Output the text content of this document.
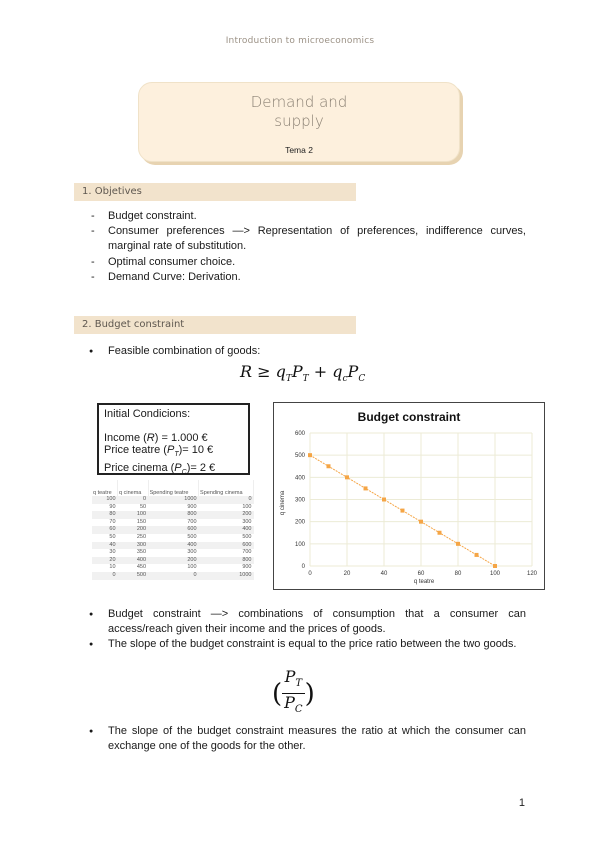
Introduction to microeconomics
Demand and
supply
Tema 2
1. Objetives
- Budget constraint.
- Consumer preferences —> Representation of preferences, indifference curves, marginal rate of substitution.
- Optimal consumer choice.
- Demand Curve: Derivation.
2. Budget constraint
● Feasible combination of goods:
$R \ge q_TP_T + q_cP_C$
Initial Condicions:
Income (R) = 1.000 €
Price teatre $(P_T)= 10$ €
Price cinema $(P_C)= 2$ €
q teatre	q cinema	Spending teatre	Spending cinema
100	0	1000	0
90	50	900	100
80	100	800	200
70	150	700	300
60	200	600	400
50	250	500	500
40	300	400	600
30	350	300	700
20	400	200	800
10	450	100	900
0	500	0	1000
Budget constraint
0
100
200
300
400
500
600
0	20	40	60	80	100	120
q teatre
q cinema
● Budget constraint —> combinations of consumption that a consumer can access/reach given their income and the prices of goods.
● The slope of the budget constraint is equal to the price ratio between the two goods.
( $\frac{P_T}{P_C}$ )
● The slope of the budget constraint measures the ratio at which the consumer can exchange one of the goods for the other.
1
